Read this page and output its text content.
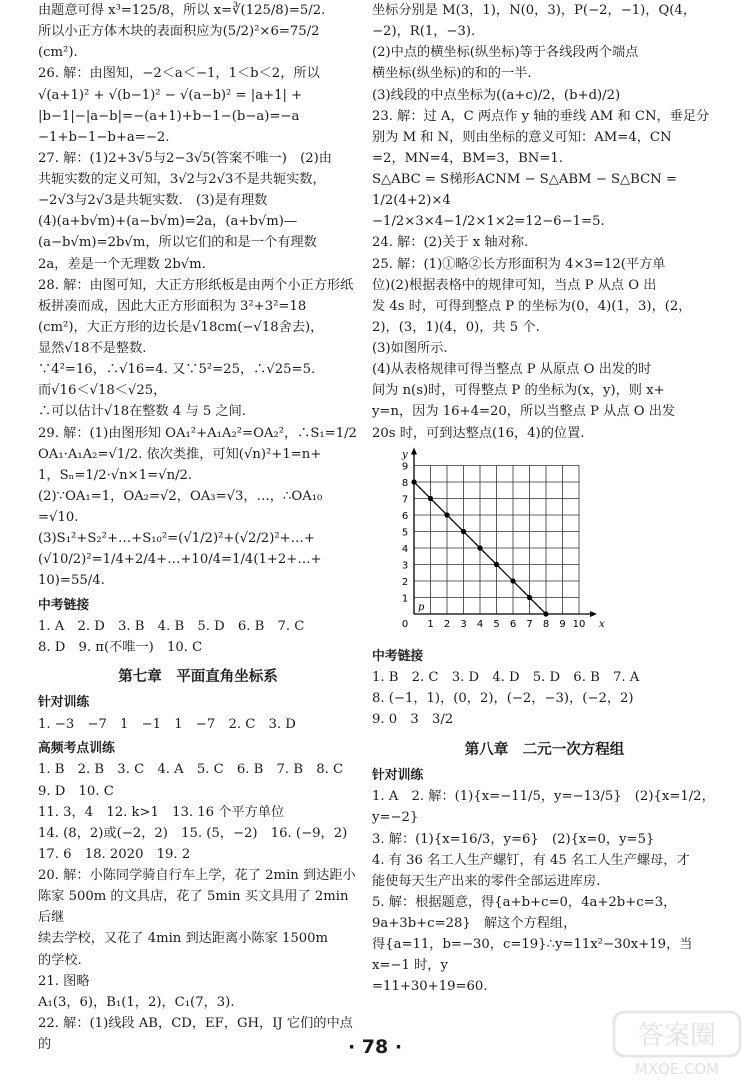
由题意可得 x³=125/8，所以 x=∛(125/8)=5/2.

所以小正方体木块的表面积应为(5/2)²×6=75/2

(cm²).

26. 解：由图知，−2＜a＜−1，1＜b＜2，所以

√(a+1)² + √(b−1)² − √(a−b)² = |a+1| +

|b−1|−|a−b|=−(a+1)+b−1−(b−a)=−a

−1+b−1−b+a=−2.

27. 解：(1)2+3√5与2−3√5(答案不唯一)　(2)由

共轭实数的定义可知，3√2与2√3不是共轭实数，

−2√3与2√3是共轭实数.　(3)是有理数

(4)(a+b√m)+(a−b√m)=2a，(a+b√m)—

(a−b√m)=2b√m，所以它们的和是一个有理数

2a，差是一个无理数 2b√m.

28. 解：由图可知，大正方形纸板是由两个小正方形纸

板拼凑而成，因此大正方形面积为 3²+3²=18

(cm²)，大正方形的边长是√18cm(−√18舍去)，

显然√18不是整数.

∵4²=16，∴√16=4. 又∵5²=25，∴√25=5.

而√16＜√18＜√25，

∴可以估计√18在整数 4 与 5 之间.

29. 解：(1)由图形知 OA₁²+A₁A₂²=OA₂²，∴S₁=1/2

OA₁·A₁A₂=√1/2. 依次类推，可知(√n)²+1=n+

1，Sₙ=1/2·√n×1=√n/2.

(2)∵OA₁=1，OA₂=√2，OA₃=√3，…，∴OA₁₀

=√10.

(3)S₁²+S₂²+…+S₁₀²=(√1/2)²+(√2/2)²+…+

(√10/2)²=1/4+2/4+…+10/4=1/4(1+2+…+

10)=55/4.

中考链接

1. A　2. D　3. B　4. B　5. D　6. B　7. C

8. D　9. π(不唯一)　10. C

第七章　平面直角坐标系
针对训练

1. −3　−7　1　−1　1　−7　2. C　3. D

高频考点训练

1. B　2. B　3. C　4. A　5. C　6. B　7. B　8. C

9. D　10. C

11. 3，4　12. k>1　13. 16 个平方单位

14. (8，2)或(−2，2)　15. (5，−2)　16. (−9，2)

17. 6　18. 2020　19. 2

20. 解：小陈同学骑自行车上学，花了 2min 到达距小

陈家 500m 的文具店，花了 5min 买文具用了 2min 后继

续去学校，又花了 4min 到达距离小陈家 1500m

的学校.

21. 图略

A₁(3，6)，B₁(1，2)，C₁(7，3).

22. 解：(1)线段 AB，CD，EF，GH，IJ 它们的中点的

坐标分别是 M(3，1)，N(0，3)，P(−2，−1)，Q(4，

−2)，R(1，−3).

(2)中点的横坐标(纵坐标)等于各线段两个端点

横坐标(纵坐标)的和的一半.

(3)线段的中点坐标为((a+c)/2，(b+d)/2)

23. 解：过 A，C 两点作 y 轴的垂线 AM 和 CN，垂足分

别为 M 和 N，则由坐标的意义可知：AM=4，CN

=2，MN=4，BM=3，BN=1.

S△ABC = S梯形ACNM − S△ABM − S△BCN = 1/2(4+2)×4

−1/2×3×4−1/2×1×2=12−6−1=5.

24. 解：(2)关于 x 轴对称.

25. 解：(1)①略②长方形面积为 4×3=12(平方单

位)(2)根据表格中的规律可知，当点 P 从点 O 出

发 4s 时，可得到整点 P 的坐标为(0，4)(1，3)，(2，

2)，(3，1)(4，0)，共 5 个.

(3)如图所示.

(4)从表格规律可得当整点 P 从原点 O 出发的时

间为 n(s)时，可得整点 P 的坐标为(x，y)，则 x+

y=n，因为 16+4=20，所以当整点 P 从点 O 出发

20s 时，可到达整点(16，4)的位置.

1 2 3 4 5 6 7 8 9 10
1
2
3
4
5
6
7
8
9
0	x
y
p
中考链接

1. B　2. C　3. D　4. D　5. D　6. B　7. A

8. (−1，1)，(0，2)，(−2，−3)，(−2，2)

9. 0　3　3/2

第八章　二元一次方程组
针对训练

1. A　2. 解：(1){x=−11/5，y=−13/5}　(2){x=1/2，y=−2}

3. 解：(1){x=16/3，y=6}　(2){x=0，y=5}

4. 有 36 名工人生产螺钉，有 45 名工人生产螺母，才

能使每天生产出来的零件全部运进库房.

5. 解：根据题意，得{a+b+c=0，4a+2b+c=3，9a+3b+c=28}　解这个方程组，

得{a=11，b=−30，c=19}∴y=11x²−30x+19，当 x=−1 时，y

=11+30+19=60.

· 78 ·	答案圈
MXQE.COM
